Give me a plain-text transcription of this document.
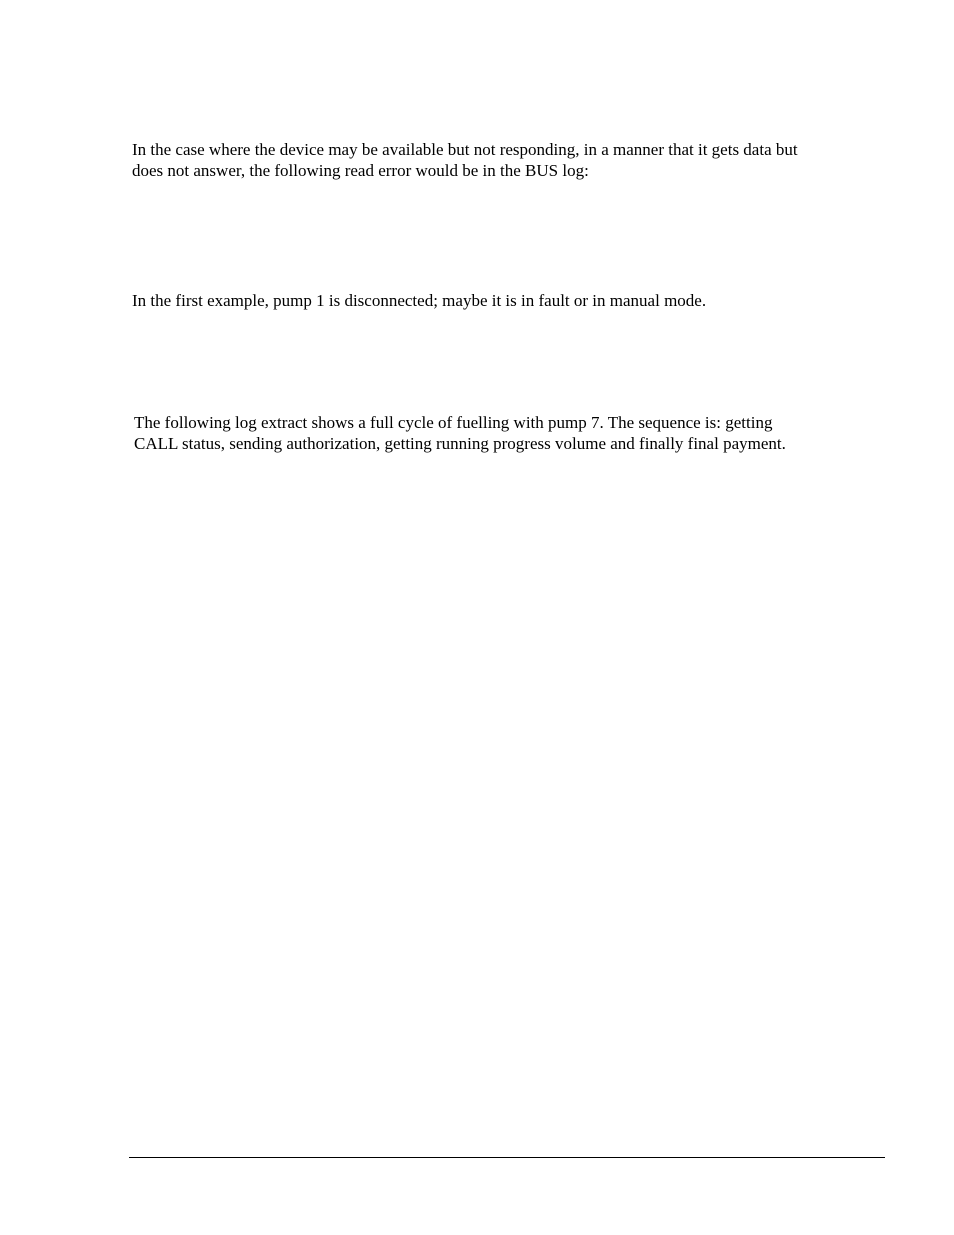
In the case where the device may be available but not responding, in a manner that it gets data but
does not answer, the following read error would be in the BUS log:

In the first example, pump 1 is disconnected; maybe it is in fault or in manual mode.

The following log extract shows a full cycle of fuelling with pump 7. The sequence is: getting
CALL status, sending authorization, getting running progress volume and finally final payment.
